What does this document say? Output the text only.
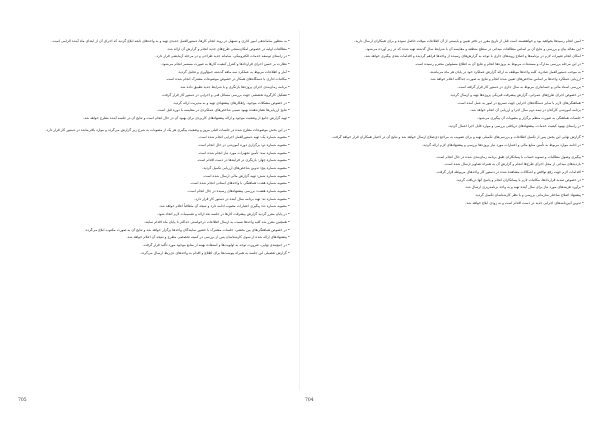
• امین انجام رسیدها بخواهید بود و خواهشمند است قبل از تاریخ مقرر در دفتر تعیین و بایستی از آن اطلاعات موقت حاصل نموده و برای همکاران ارسال دارید.
• این مقاله بیان و بررسی و نتایج آن بر اساس مطالعات میدانی در سطح منطقه و مقایسه آن با شرایط سال گذشته تهیه شده که در زیر آورده می‌شود.
• امکان انجام تغییرات لازم در برنامه‌ها و اصلاح رویه‌های جاری با توجه به گزارش‌های رسیده از واحدها فراهم گردیده و اقدامات بعدی پیگیری خواهد شد.
• در این مرحله بررسی مدارک و مستندات مربوط به پروژه‌ها انجام و نتایج آن به اطلاع مسئولین محترم رسیده است.
• به موجب دستورالعمل صادره، کلیه واحدها موظف به ارائه گزارش عملکرد خود در پایان هر ماه می‌باشند.
• ارزیابی عملکرد واحدها بر اساس شاخص‌های تعیین شده انجام و نتایج به صورت جداگانه اعلام خواهد شد.
• بررسی اسناد مالی و حسابداری مربوط به سال جاری در دستور کار قرار گرفته است.
• در خصوص اجرای طرح‌های عمرانی، گزارش پیشرفت فیزیکی پروژه‌ها تهیه و ارسال گردید.
• هماهنگی‌های لازم با سایر دستگاه‌های اجرایی جهت تسریع در امور به عمل آمده است.
• برنامه آموزشی کارکنان در نیمه دوم سال اجرا و ارزیابی آن انجام خواهد شد.
• جلسات هماهنگی به صورت منظم برگزار و مصوبات آن پیگیری می‌شود.
• در راستای بهبود کیفیت خدمات، پیشنهادهای دریافتی بررسی و موارد قابل اجرا اعمال گردید.
• گزارش نهایی این بخش پس از تکمیل اطلاعات و بررسی‌های تکمیلی تهیه و برای تصویب به مراجع ذی‌صلاح ارسال خواهد شد و نتایج آن در اختیار همکاران قرار خواهد گرفت.
• در ادامه موارد مربوط به تأمین منابع مالی و اعتبارات مورد نیاز پروژه‌ها بررسی و پیشنهادهای لازم ارائه گردید.
• پیگیری وصول مطالبات و تسویه حساب با پیمانکاران طبق برنامه زمان‌بندی شده در حال انجام است.
• بازدیدهای میدانی از محل اجرای طرح‌ها انجام و گزارش آن به همراه تصاویر ارسال شده است.
• اقدامات لازم جهت رفع نواقص و اشکالات مشاهده شده در دستور کار واحدهای مربوطه قرار گرفت.
• در خصوص تمدید قراردادها، مکاتبات لازم با پیمانکاران انجام و پاسخ آنها دریافت گردید.
• برآورد هزینه‌های مورد نیاز برای سال آینده تهیه و به واحد برنامه‌ریزی ارسال شد.
• پیشنهاد اصلاح ساختار سازمانی بررسی و با نظر کارشناسان تکمیل گردید.
• تدوین آیین‌نامه‌های اجرایی جدید در دست اقدام است و به زودی ابلاغ خواهد شد.
• به منظور ساماندهی امور اداری و تسهیل در روند انجام کارها، دستورالعمل جدیدی تهیه و به واحدهای تابعه ابلاغ گردید که اجرای آن از ابتدای ماه آینده الزامی است.
• مطالعات اولیه در خصوص امکان‌سنجی طرح‌های جدید انجام و گزارش آن ارائه شد.
• در راستای توسعه خدمات الکترونیکی، سامانه جدید طراحی و در مرحله آزمایشی قرار دارد.
• نظارت بر حسن اجرای قراردادها و کنترل کیفیت کارها به صورت مستمر انجام می‌شود.
• آمار و اطلاعات مربوط به عملکرد سه ماهه گذشته جمع‌آوری و تحلیل گردید.
• مکاتبات اداری با دستگاه‌های همکار در خصوص موضوعات مشترک انجام شده است.
• برنامه زمان‌بندی اجرای پروژه‌ها بازنگری و با شرایط جدید تطبیق داده شد.
• تشکیل کارگروه تخصصی جهت بررسی مسائل فنی و اجرایی در دستور کار قرار گرفت.
• در خصوص مشکلات موجود، راهکارهای پیشنهادی تهیه و به مدیریت ارائه گردید.
• نتایج ارزیابی‌ها نشان‌دهنده بهبود نسبی شاخص‌های عملکردی در مقایسه با دوره قبل است.
• تهیه گزارش جامع از وضعیت موجود و ارائه پیشنهادهای کاربردی برای بهبود آن در حال انجام است و نتایج آن در جلسه آینده مطرح خواهد شد.
• در این بخش موضوعات مطرح شده در جلسات قبلی مرور و وضعیت پیگیری هر یک از مصوبات به شرح زیر گزارش می‌گردد و موارد باقی‌مانده در دستور کار قرار دارد.
• مصوبه شماره یک: تهیه دستورالعمل اجرایی انجام شده است.
• مصوبه شماره دو: برگزاری دوره آموزشی در حال انجام است.
• مصوبه شماره سه: تأمین تجهیزات مورد نیاز انجام شده است.
• مصوبه شماره چهار: بازنگری در فرایندها در دست اقدام است.
• مصوبه شماره پنج: تدوین شاخص‌های ارزیابی تکمیل گردید.
• مصوبه شماره شش: تهیه گزارش مالی ارسال شده است.
• مصوبه شماره هفت: هماهنگی با واحدهای استانی انجام شده است.
• مصوبه شماره هشت: بررسی پیشنهادهای رسیده در حال انجام است.
• مصوبه شماره نه: تهیه برنامه سال آینده در دستور کار قرار دارد.
• مصوبه شماره ده: پیگیری اعتبارات مصوب ادامه دارد و نتیجه آن متعاقباً اعلام خواهد شد.
• در پایان مقرر گردید گزارش پیشرفت کارها در جلسه بعد ارائه و تصمیمات لازم اتخاذ شود.
• همچنین مقرر شد کلیه واحدها نسبت به ارسال اطلاعات درخواستی حداکثر تا پایان ماه اقدام نمایند.
• در خصوص هماهنگی‌های بین بخشی، جلسات مشترک با حضور نمایندگان واحدها برگزار خواهد شد و نتایج آن به صورت مکتوب ابلاغ می‌گردد.
• پیشنهادهای ارائه شده از سوی کارشناسان پس از بررسی در کمیته تخصصی مطرح و نتیجه آن اعلام خواهد شد.
• در جمع‌بندی نهایی، ضرورت توجه به اولویت‌ها و استفاده بهینه از منابع موجود مورد تأکید قرار گرفت.
• گزارش تفصیلی این جلسه به همراه پیوست‌ها برای اطلاع و اقدام به واحدهای ذی‌ربط ارسال می‌گردد.
704
705
